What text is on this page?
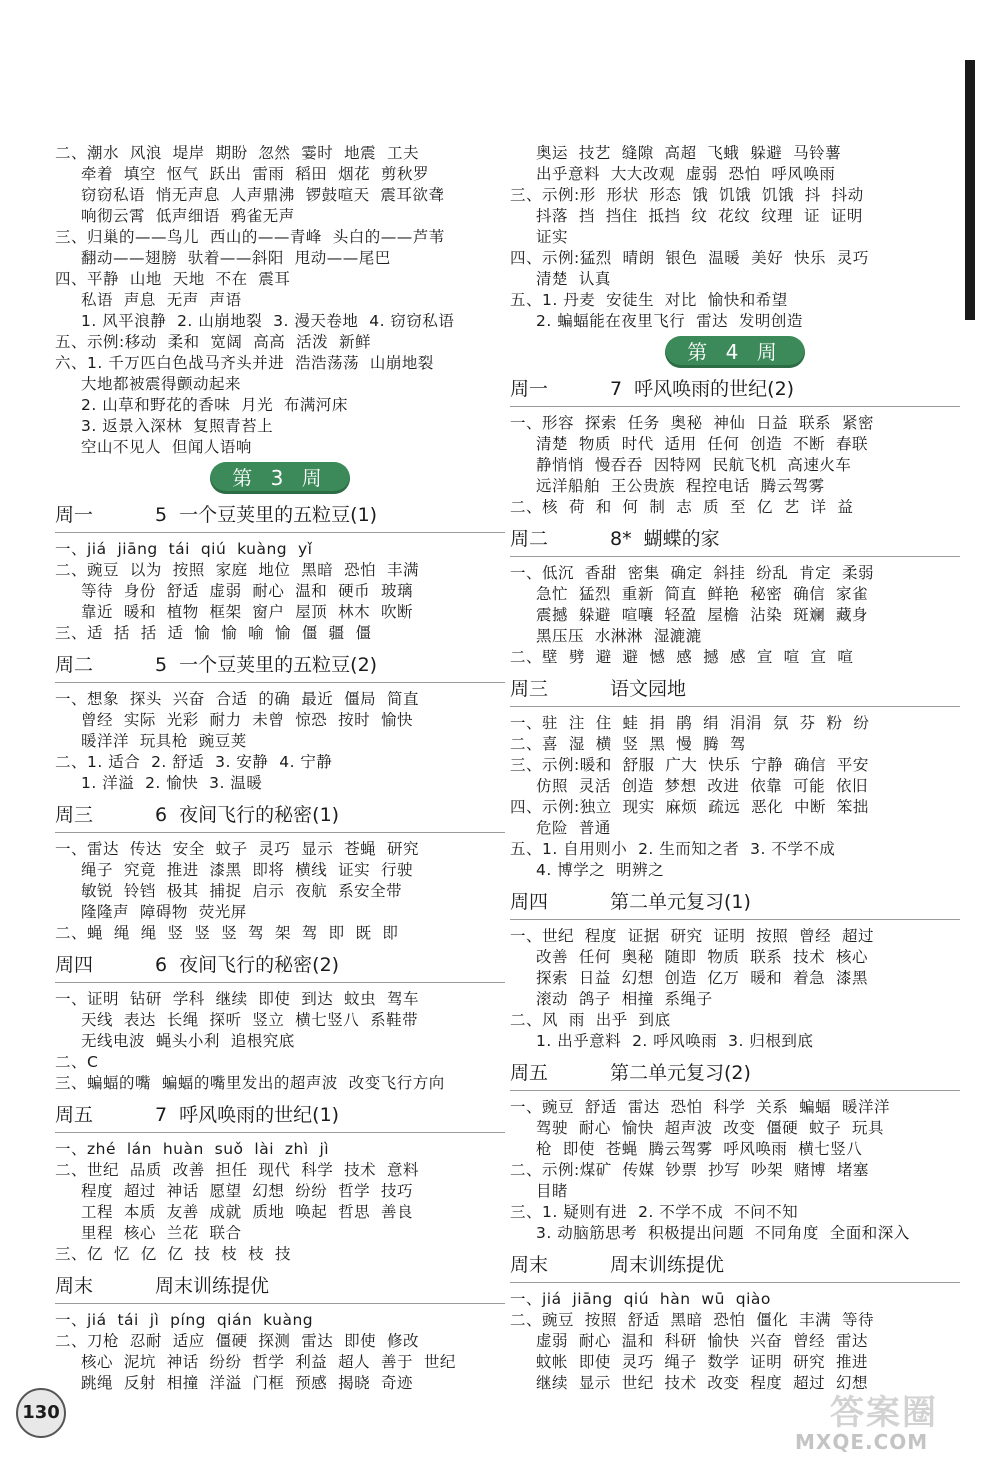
二、潮水  风浪  堤岸  期盼  忽然  霎时  地震  工夫
牵着  填空  怄气  跃出  雷雨  稻田  烟花  剪秋罗
窃窃私语  悄无声息  人声鼎沸  锣鼓喧天  震耳欲聋
响彻云霄  低声细语  鸦雀无声
三、归巢的——鸟儿  西山的——青峰  头白的——芦苇
翻动——翅膀  驮着——斜阳  甩动——尾巴
四、平静  山地  天地  不在  震耳
私语  声息  无声  声语
1. 风平浪静  2. 山崩地裂  3. 漫天卷地  4. 窃窃私语
五、示例:移动  柔和  宽阔  高高  活泼  新鲜
六、1. 千万匹白色战马齐头并进  浩浩荡荡  山崩地裂
大地都被震得颤动起来
2. 山草和野花的香味  月光  布满河床
3. 返景入深林  复照青苔上
空山不见人  但闻人语响
第 3 周
周一	5  一个豆荚里的五粒豆(1)
一、jiá  jiāng  tái  qiú  kuàng  yǐ
二、豌豆  以为  按照  家庭  地位  黑暗  恐怕  丰满
等待  身份  舒适  虚弱  耐心  温和  硬币  玻璃
靠近  暖和  植物  框架  窗户  屋顶  林木  吹断
三、适  括  括  适  愉  愉  喻  愉  僵  疆  僵
周二	5  一个豆荚里的五粒豆(2)
一、想象  探头  兴奋  合适  的确  最近  僵局  简直
曾经  实际  光彩  耐力  未曾  惊恐  按时  愉快
暖洋洋  玩具枪  豌豆荚
二、1. 适合  2. 舒适  3. 安静  4. 宁静
1. 洋溢  2. 愉快  3. 温暖
周三	6  夜间飞行的秘密(1)
一、雷达  传达  安全  蚊子  灵巧  显示  苍蝇  研究
绳子  究竟  推进  漆黑  即将  横线  证实  行驶
敏锐  铃铛  极其  捕捉  启示  夜航  系安全带
隆隆声  障碍物  荧光屏
二、蝇  绳  绳  竖  竖  竖  驾  架  驾  即  既  即
周四	6  夜间飞行的秘密(2)
一、证明  钻研  学科  继续  即使  到达  蚊虫  驾车
天线  表达  长绳  探听  竖立  横七竖八  系鞋带
无线电波  蝇头小利  追根究底
二、C
三、蝙蝠的嘴  蝙蝠的嘴里发出的超声波  改变飞行方向
周五	7  呼风唤雨的世纪(1)
一、zhé  lán  huàn  suǒ  lài  zhì  jì
二、世纪  品质  改善  担任  现代  科学  技术  意料
程度  超过  神话  愿望  幻想  纷纷  哲学  技巧
工程  本质  友善  成就  质地  唤起  哲思  善良
里程  核心  兰花  联合
三、亿  忆  亿  亿  技  枝  枝  技
周末	周末训练提优
一、jiá  tái  jì  píng  qián  kuàng
二、刀枪  忍耐  适应  僵硬  探测  雷达  即使  修改
核心  泥坑  神话  纷纷  哲学  利益  超人  善于  世纪
跳绳  反射  相撞  洋溢  门框  预感  揭晓  奇迹
奥运  技艺  缝隙  高超  飞蛾  躲避  马铃薯
出乎意料  大大改观  虚弱  恐怕  呼风唤雨
三、示例:形  形状  形态  饿  饥饿  饥饿  抖  抖动
抖落  挡  挡住  抵挡  纹  花纹  纹理  证  证明
证实
四、示例:猛烈  晴朗  银色  温暖  美好  快乐  灵巧
清楚  认真
五、1. 丹麦  安徒生  对比  愉快和希望
2. 蝙蝠能在夜里飞行  雷达  发明创造
第 4 周
周一	7  呼风唤雨的世纪(2)
一、形容  探索  任务  奥秘  神仙  日益  联系  紧密
清楚  物质  时代  适用  任何  创造  不断  春联
静悄悄  慢吞吞  因特网  民航飞机  高速火车
远洋船舶  王公贵族  程控电话  腾云驾雾
二、核  荷  和  何  制  志  质  至  亿  艺  详  益
周二	8*  蝴蝶的家
一、低沉  香甜  密集  确定  斜挂  纷乱  肯定  柔弱
急忙  猛烈  重新  简直  鲜艳  秘密  确信  家雀
震撼  躲避  喧嚷  轻盈  屋檐  沾染  斑斓  藏身
黑压压  水淋淋  湿漉漉
二、壁  劈  避  避  憾  感  撼  感  宣  喧  宣  喧
周三	语文园地
一、驻  注  住  蛙  捐  鹃  绢  涓涓  氛  芬  粉  纷
二、喜  湿  横  竖  黑  慢  腾  驾
三、示例:暖和  舒服  广大  快乐  宁静  确信  平安
仿照  灵活  创造  梦想  改进  依靠  可能  依旧
四、示例:独立  现实  麻烦  疏远  恶化  中断  笨拙
危险  普通
五、1. 自用则小  2. 生而知之者  3. 不学不成
4. 博学之  明辨之
周四	第二单元复习(1)
一、世纪  程度  证据  研究  证明  按照  曾经  超过
改善  任何  奥秘  随即  物质  联系  技术  核心
探索  日益  幻想  创造  亿万  暖和  着急  漆黑
滚动  鸽子  相撞  系绳子
二、风  雨  出乎  到底
1. 出乎意料  2. 呼风唤雨  3. 归根到底
周五	第二单元复习(2)
一、豌豆  舒适  雷达  恐怕  科学  关系  蝙蝠  暖洋洋
驾驶  耐心  愉快  超声波  改变  僵硬  蚊子  玩具
枪  即使  苍蝇  腾云驾雾  呼风唤雨  横七竖八
二、示例:煤矿  传媒  钞票  抄写  吵架  赌博  堵塞
目睹
三、1. 疑则有进  2. 不学不成  不问不知
3. 动脑筋思考  积极提出问题  不同角度  全面和深入
周末	周末训练提优
一、jiá  jiāng  qiú  hàn  wū  qiào
二、豌豆  按照  舒适  黑暗  恐怕  僵化  丰满  等待
虚弱  耐心  温和  科研  愉快  兴奋  曾经  雷达
蚊帐  即使  灵巧  绳子  数学  证明  研究  推进
继续  显示  世纪  技术  改变  程度  超过  幻想
130	答案圈
MXQE.COM
